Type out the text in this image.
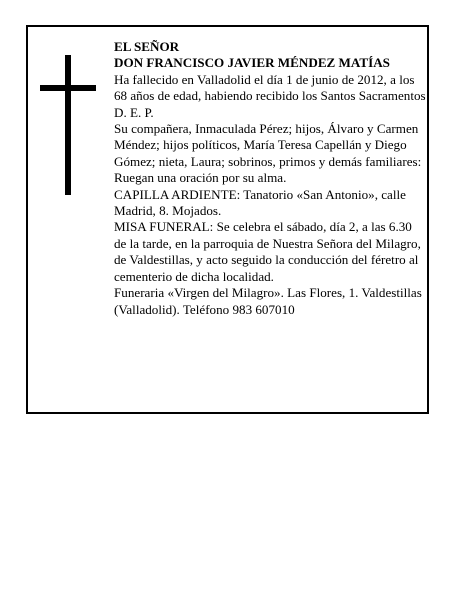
EL SEÑOR

DON FRANCISCO JAVIER MÉNDEZ MATÍAS

Ha fallecido en Valladolid el día 1 de junio de 2012, a los 68 años de edad, habiendo recibido los Santos Sacramentos

D. E. P.

Su compañera, Inmaculada Pérez; hijos, Álvaro y Carmen Méndez; hijos políticos, María Teresa Capellán y Diego Gómez; nieta, Laura; sobrinos, primos y demás familiares:

Ruegan una oración por su alma.

CAPILLA ARDIENTE: Tanatorio «San Antonio», calle Madrid, 8. Mojados.

MISA FUNERAL: Se celebra el sábado, día 2, a las 6.30 de la tarde, en la parroquia de Nuestra Señora del Milagro, de Valdestillas, y acto seguido la conducción del féretro al cementerio de dicha localidad.

Funeraria «Virgen del Milagro». Las Flores, 1. Valdestillas (Valladolid). Teléfono 983 607010
